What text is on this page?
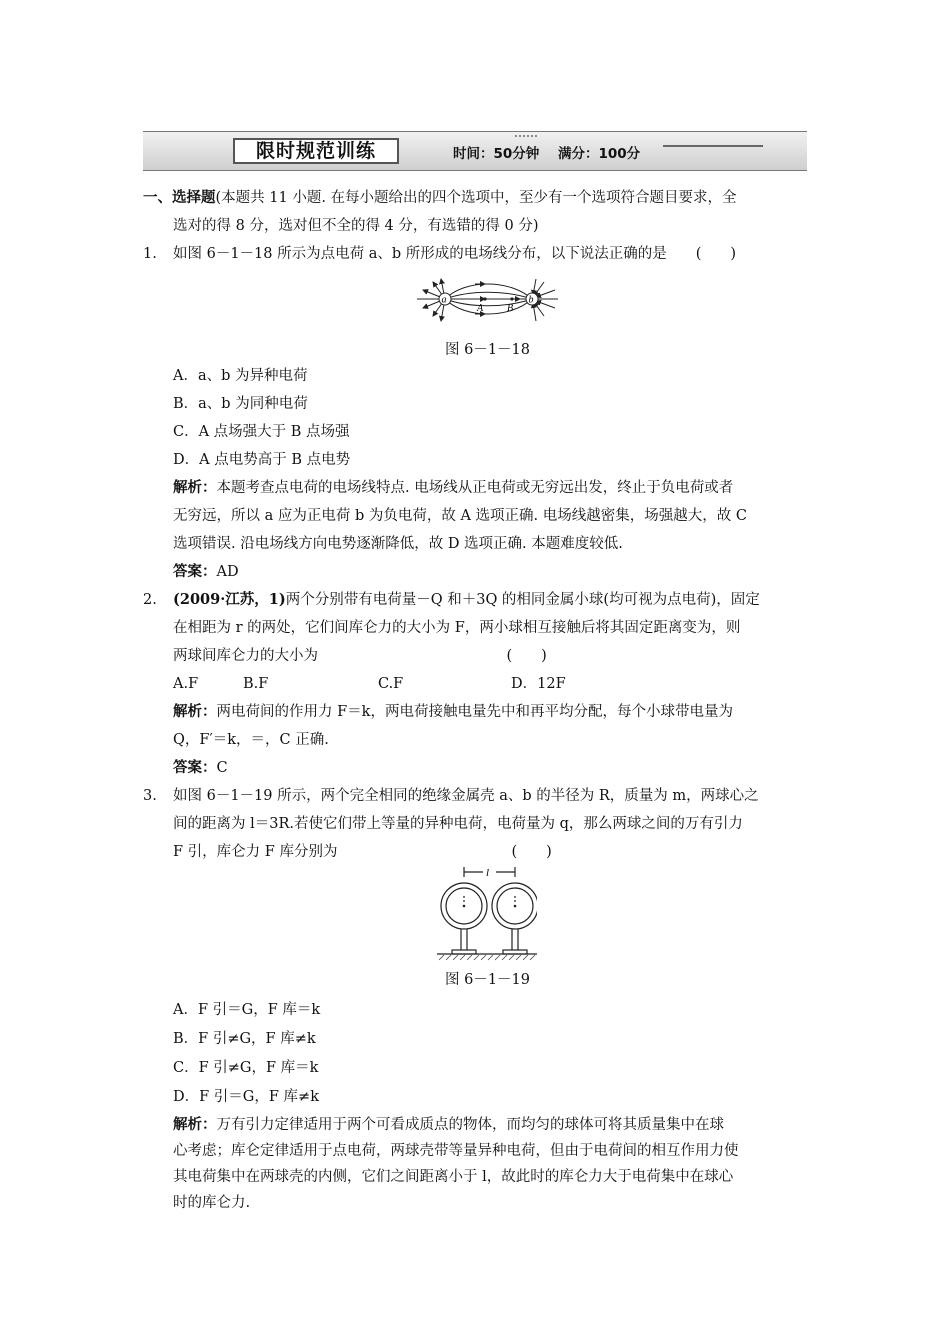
限时规范训练	时间：50分钟 满分：100分
一、选择题(本题共 11 小题. 在每小题给出的四个选项中，至少有一个选项符合题目要求，全
选对的得 8 分，选对但不全的得 4 分，有选错的得 0 分)
1. 如图 6－1－18 所示为点电荷 a、b 所形成的电场线分布，以下说法正确的是　　(　　)
a	b
A B
图 6－1－18
A．a、b 为异种电荷
B．a、b 为同种电荷
C．A 点场强大于 B 点场强
D．A 点电势高于 B 点电势
解析：本题考查点电荷的电场线特点. 电场线从正电荷或无穷远出发，终止于负电荷或者
无穷远，所以 a 应为正电荷 b 为负电荷，故 A 选项正确. 电场线越密集，场强越大，故 C
选项错误. 沿电场线方向电势逐渐降低，故 D 选项正确. 本题难度较低.
答案：AD
2. (2009·江苏，1)两个分别带有电荷量－Q 和＋3Q 的相同金属小球(均可视为点电荷)，固定
在相距为 r 的两处，它们间库仑力的大小为 F，两小球相互接触后将其固定距离变为，则
两球间库仑力的大小为　　　　　　　　　　　　　(　　)
A.F	B.F	C.F	D．12F
解析：两电荷间的作用力 F＝k，两电荷接触电量先中和再平均分配，每个小球带电量为
Q，F′＝k，＝，C 正确.
答案：C
3. 如图 6－1－19 所示，两个完全相同的绝缘金属壳 a、b 的半径为 R，质量为 m，两球心之
间的距离为 l＝3R.若使它们带上等量的异种电荷，电荷量为 q，那么两球之间的万有引力
F 引，库仑力 F 库分别为　　　　　　　　　　　　(　　)
l
图 6－1－19
A．F 引＝G，F 库＝k
B．F 引≠G，F 库≠k
C．F 引≠G，F 库＝k
D．F 引＝G，F 库≠k
解析：万有引力定律适用于两个可看成质点的物体，而均匀的球体可将其质量集中在球
心考虑；库仑定律适用于点电荷，两球壳带等量异种电荷，但由于电荷间的相互作用力使
其电荷集中在两球壳的内侧，它们之间距离小于 l，故此时的库仑力大于电荷集中在球心
时的库仑力.
